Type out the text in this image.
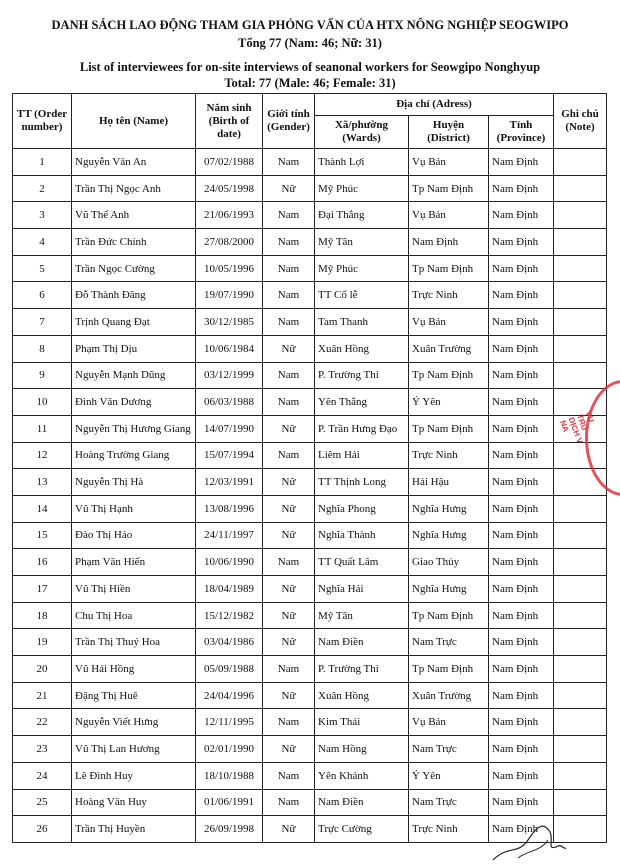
DANH SÁCH LAO ĐỘNG THAM GIA PHỎNG VẤN CỦA HTX NÔNG NGHIỆP SEOGWIPO
Tổng 77 (Nam: 46; Nữ: 31)
List of interviewees for on-site interviews of seanonal workers for Seowgipo Nonghyup
Total: 77 (Male: 46; Female: 31)
TT (Order number)	Họ tên (Name)	Năm sinh (Birth of date)	Giới tính (Gender)	Địa chỉ (Adress)			Ghi chú (Note)
				Xã/phường (Wards)	Huyện (District)	Tỉnh (Province)	
1	Nguyễn Văn An	07/02/1988	Nam	Thành Lợi	Vụ Bản	Nam Định	
2	Trần Thị Ngọc Anh	24/05/1998	Nữ	Mỹ Phúc	Tp Nam Định	Nam Định	
3	Vũ Thế Anh	21/06/1993	Nam	Đại Thắng	Vụ Bản	Nam Định	
4	Trần Đức Chính	27/08/2000	Nam	Mỹ Tân	Nam Định	Nam Định	
5	Trần Ngọc Cường	10/05/1996	Nam	Mỹ Phúc	Tp Nam Định	Nam Định	
6	Đỗ Thành Đăng	19/07/1990	Nam	TT Cổ lễ	Trực Ninh	Nam Định	
7	Trịnh Quang Đạt	30/12/1985	Nam	Tam Thanh	Vụ Bản	Nam Định	
8	Phạm Thị Dịu	10/06/1984	Nữ	Xuân Hồng	Xuân Trường	Nam Định	
9	Nguyễn Mạnh Dũng	03/12/1999	Nam	P. Trường Thi	Tp Nam Định	Nam Định	
10	Đinh Văn Dương	06/03/1988	Nam	Yên Thắng	Ý Yên	Nam Định	
11	Nguyễn Thị Hương Giang	14/07/1990	Nữ	P. Trần Hưng Đạo	Tp Nam Định	Nam Định	
12	Hoàng Trường Giang	15/07/1994	Nam	Liêm Hải	Trực Ninh	Nam Định	
13	Nguyễn Thị Hà	12/03/1991	Nữ	TT Thịnh Long	Hải Hậu	Nam Định	
14	Vũ Thị Hạnh	13/08/1996	Nữ	Nghĩa Phong	Nghĩa Hưng	Nam Định	
15	Đào Thị Hảo	24/11/1997	Nữ	Nghĩa Thành	Nghĩa Hưng	Nam Định	
16	Phạm Văn Hiển	10/06/1990	Nam	TT Quất Lâm	Giao Thủy	Nam Định	
17	Vũ Thị Hiền	18/04/1989	Nữ	Nghĩa Hải	Nghĩa Hưng	Nam Định	
18	Chu Thị Hoa	15/12/1982	Nữ	Mỹ Tân	Tp Nam Định	Nam Định	
19	Trần Thị Thuý Hoa	03/04/1986	Nữ	Nam Điền	Nam Trực	Nam Định	
20	Vũ Hải Hồng	05/09/1988	Nam	P. Trường Thi	Tp Nam Định	Nam Định	
21	Đặng Thị Huê	24/04/1996	Nữ	Xuân Hồng	Xuân Trường	Nam Định	
22	Nguyễn Viết Hưng	12/11/1995	Nam	Kim Thái	Vụ Bản	Nam Định	
23	Vũ Thị Lan Hương	02/01/1990	Nữ	Nam Hồng	Nam Trực	Nam Định	
24	Lê Đình Huy	18/10/1988	Nam	Yên Khánh	Ý Yên	Nam Định	
25	Hoàng Văn Huy	01/06/1991	Nam	Nam Điền	Nam Trực	Nam Định	
26	Trần Thị Huyền	26/09/1998	Nữ	Trực Cường	Trực Ninh	Nam Định	
VỤ TRU DỊCH V NA
